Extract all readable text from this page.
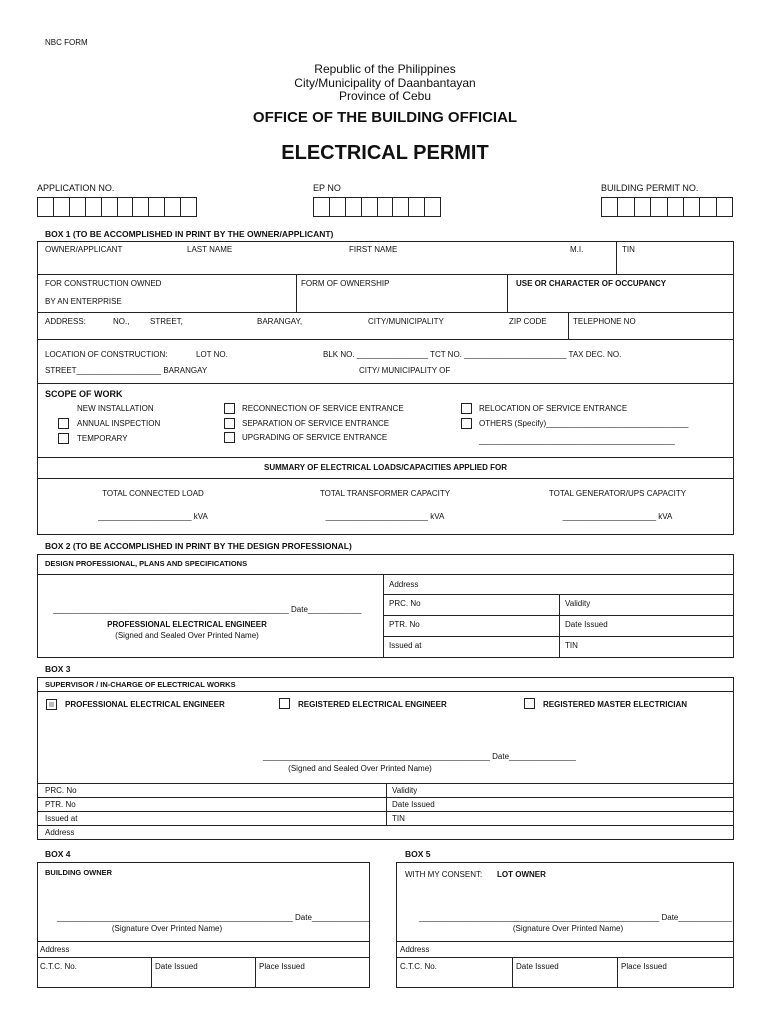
NBC FORM
Republic of the Philippines
City/Municipality of Daanbantayan
Province of Cebu
OFFICE OF THE BUILDING OFFICIAL
ELECTRICAL PERMIT
APPLICATION NO.	EP NO	BUILDING PERMIT NO.
BOX 1 (TO BE ACCOMPLISHED IN PRINT BY THE OWNER/APPLICANT)
OWNER/APPLICANT	LAST NAME	FIRST NAME	M.I.	TIN
FOR CONSTRUCTION OWNED
BY AN ENTERPRISE
FORM OF OWNERSHIP	USE OR CHARACTER OF OCCUPANCY
ADDRESS:	NO.,	STREET,	BARANGAY,	CITY/MUNICIPALITY	ZIP CODE	TELEPHONE NO
LOCATION OF CONSTRUCTION:	LOT NO.	BLK NO. ________________ TCT NO. _______________________ TAX DEC. NO.
STREET___________________ BARANGAY	CITY/ MUNICIPALITY OF
SCOPE OF WORK
NEW INSTALLATION
ANNUAL INSPECTION
TEMPORARY
RECONNECTION OF SERVICE ENTRANCE
SEPARATION OF SERVICE ENTRANCE
UPGRADING OF SERVICE ENTRANCE
RELOCATION OF SERVICE ENTRANCE
OTHERS (Specify)________________________________
____________________________________________
SUMMARY OF ELECTRICAL LOADS/CAPACITIES APPLIED FOR
TOTAL CONNECTED LOAD	TOTAL TRANSFORMER CAPACITY	TOTAL GENERATOR/UPS CAPACITY
_____________________ kVA	_______________________ kVA	_____________________ kVA
BOX 2 (TO BE ACCOMPLISHED IN PRINT BY THE DESIGN PROFESSIONAL)
DESIGN PROFESSIONAL, PLANS AND SPECIFICATIONS
Address
PRC. No	Validity
PTR. No	Date Issued
Issued at	TIN
_____________________________________________________ Date____________
PROFESSIONAL ELECTRICAL ENGINEER
(Signed and Sealed Over Printed Name)
BOX 3
SUPERVISOR / IN-CHARGE OF ELECTRICAL WORKS
PROFESSIONAL ELECTRICAL ENGINEER	REGISTERED ELECTRICAL ENGINEER	REGISTERED MASTER ELECTRICIAN
___________________________________________________ Date_______________
(Signed and Sealed Over Printed Name)
PRC. No	Validity
PTR. No	Date Issued
Issued at	TIN
Address
BOX 4
BUILDING OWNER
_____________________________________________________ Date_____________
(Signature Over Printed Name)
Address
C.T.C. No.	Date Issued	Place Issued
BOX 5
WITH MY CONSENT: LOT OWNER
______________________________________________________ Date____________
(Signature Over Printed Name)
Address
C.T.C. No.	Date Issued	Place Issued
